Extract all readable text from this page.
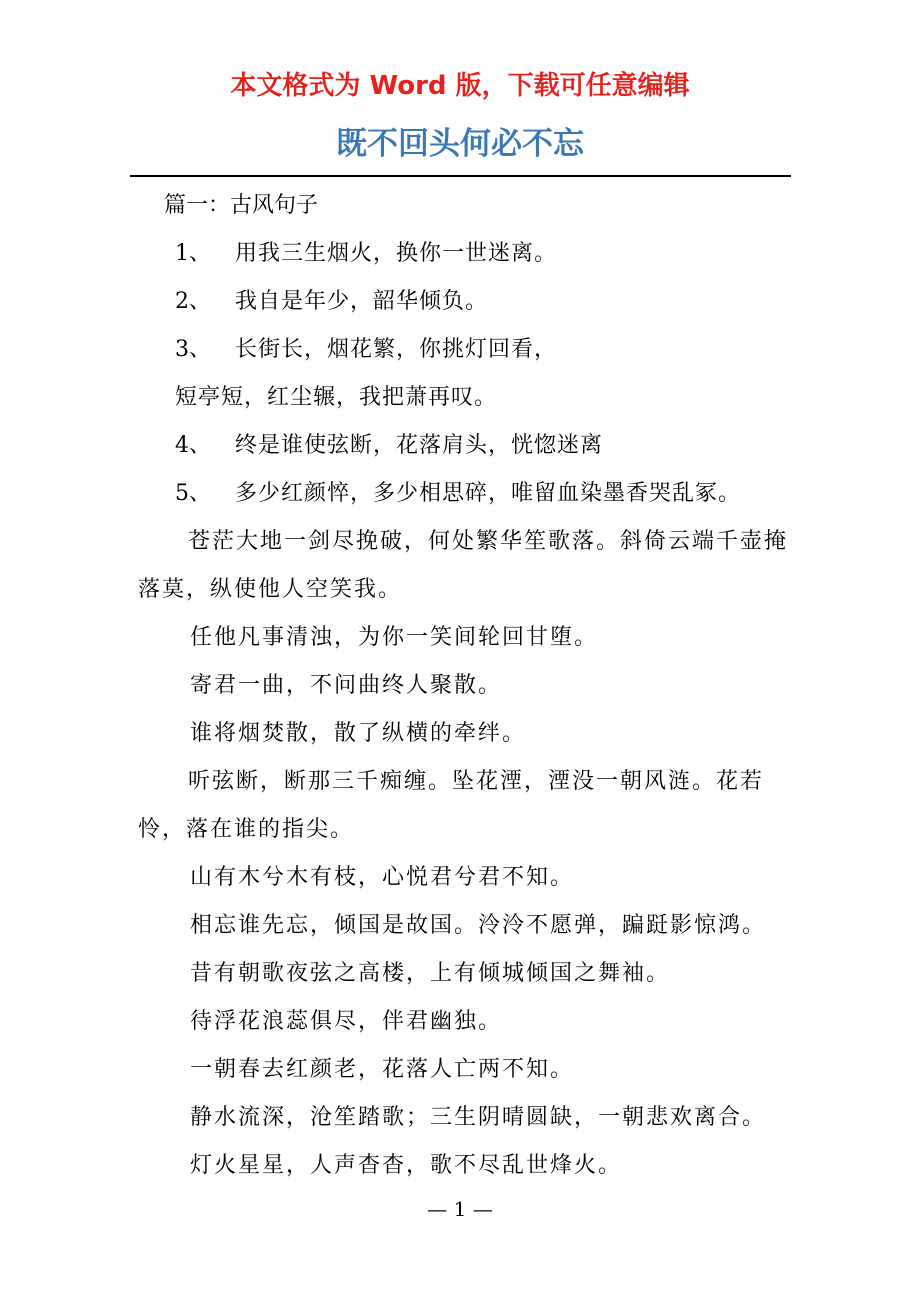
本文格式为 Word 版，下载可任意编辑
既不回头何必不忘
篇一：古风句子
1、 用我三生烟火，换你一世迷离。
2、 我自是年少，韶华倾负。
3、 长街长，烟花繁，你挑灯回看，
短亭短，红尘辗，我把萧再叹。
4、 终是谁使弦断，花落肩头，恍惚迷离
5、 多少红颜悴，多少相思碎，唯留血染墨香哭乱冢。
苍茫大地一剑尽挽破，何处繁华笙歌落。斜倚云端千壶掩落莫，纵使他人空笑我。
任他凡事清浊，为你一笑间轮回甘堕。
寄君一曲，不问曲终人聚散。
谁将烟焚散，散了纵横的牵绊。
听弦断，断那三千痴缠。坠花湮，湮没一朝风涟。花若怜，落在谁的指尖。
山有木兮木有枝，心悦君兮君不知。
相忘谁先忘，倾国是故国。泠泠不愿弹，蹁跹影惊鸿。
昔有朝歌夜弦之高楼，上有倾城倾国之舞袖。
待浮花浪蕊俱尽，伴君幽独。
一朝春去红颜老，花落人亡两不知。
静水流深，沧笙踏歌；三生阴晴圆缺，一朝悲欢离合。
灯火星星，人声杳杳，歌不尽乱世烽火。
— 1 —
